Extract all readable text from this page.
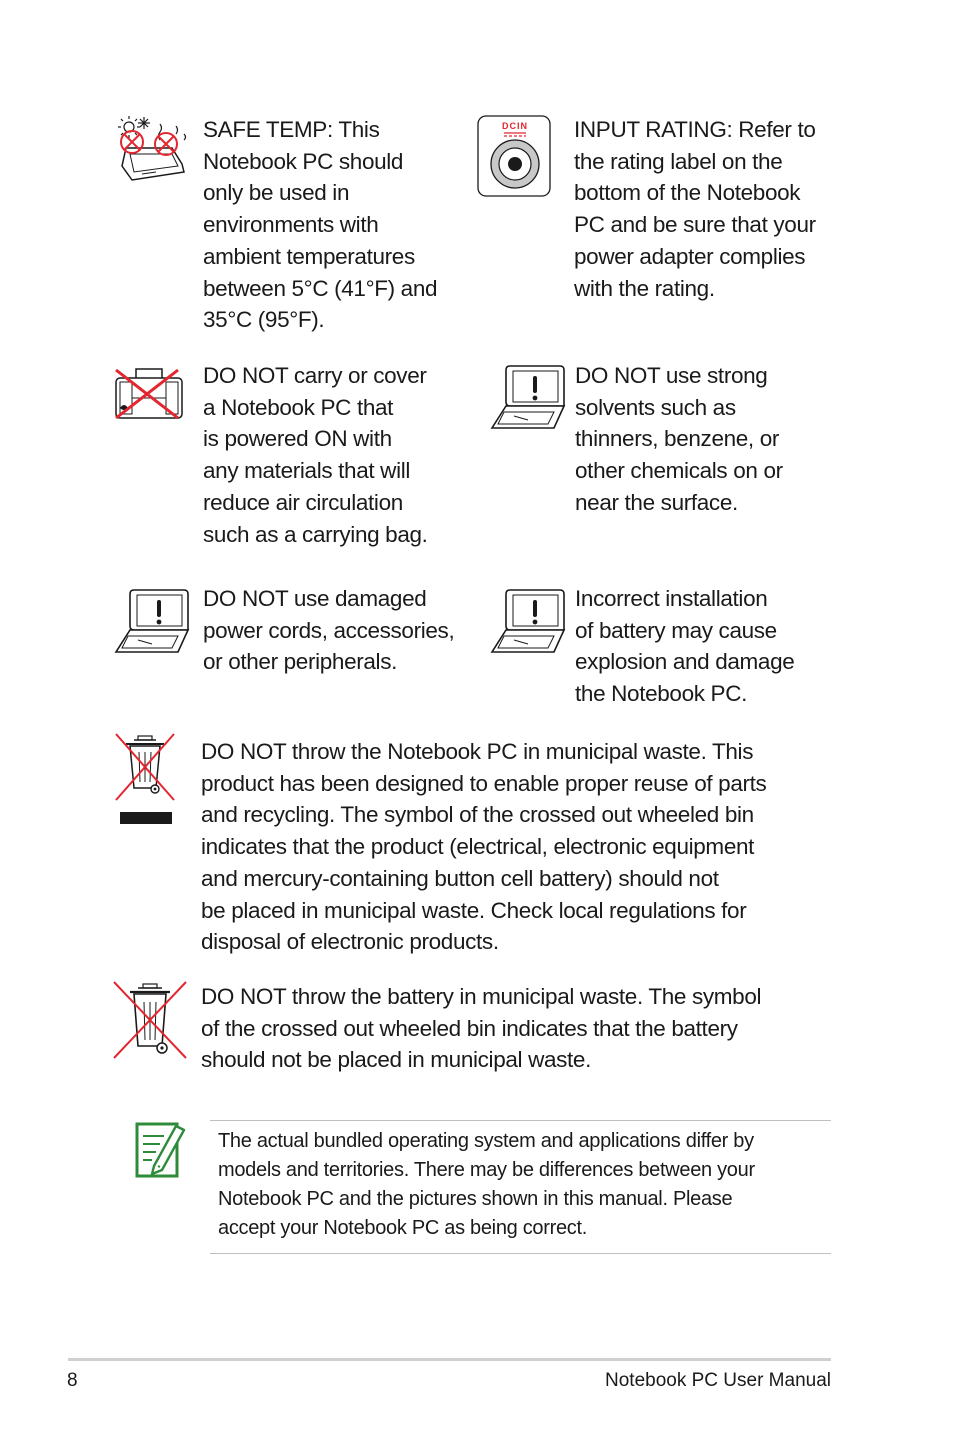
SAFE TEMP: This
Notebook PC should
only be used in
environments with
ambient temperatures
between 5°C (41°F) and
35°C (95°F).
DCIN INPUT RATING: Refer to
the rating label on the
bottom of the Notebook
PC and be sure that your
power adapter complies
with the rating.
DO NOT carry or cover
a Notebook PC that
is powered ON with
any materials that will
reduce air circulation
such as a carrying bag.
DO NOT use strong
solvents such as
thinners, benzene, or
other chemicals on or
near the surface.
DO NOT use damaged
power cords, accessories,
or other peripherals.
Incorrect installation
of battery may cause
explosion and damage
the Notebook PC.
DO NOT throw the Notebook PC in municipal waste. This
product has been designed to enable proper reuse of parts
and recycling. The symbol of the crossed out wheeled bin
indicates that the product (electrical, electronic equipment
and mercury-containing button cell battery) should not
be placed in municipal waste. Check local regulations for
disposal of electronic products.
DO NOT throw the battery in municipal waste. The symbol
of the crossed out wheeled bin indicates that the battery
should not be placed in municipal waste.
The actual bundled operating system and applications differ by
models and territories. There may be differences between your
Notebook PC and the pictures shown in this manual. Please
accept your Notebook PC as being correct.
8	Notebook PC User Manual
